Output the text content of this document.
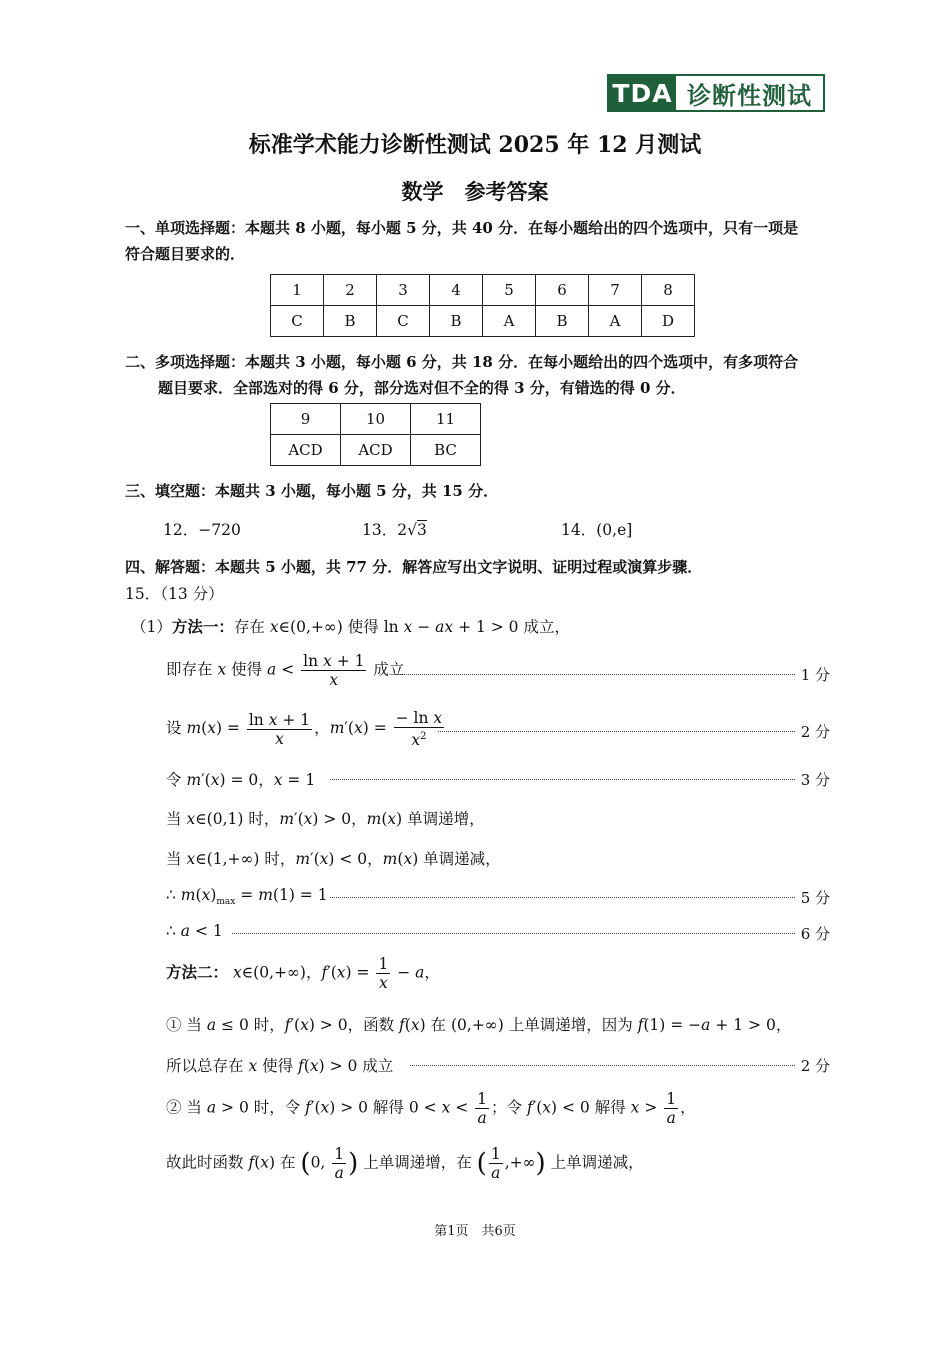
TDA 诊断性测试
标准学术能力诊断性测试 2025 年 12 月测试
数学　参考答案
一、单项选择题：本题共 8 小题，每小题 5 分，共 40 分．在每小题给出的四个选项中，只有一项是
符合题目要求的．
1	2	3	4	5	6	7	8
C	B	C	B	A	B	A	D
二、多项选择题：本题共 3 小题，每小题 6 分，共 18 分．在每小题给出的四个选项中，有多项符合
题目要求．全部选对的得 6 分，部分选对但不全的得 3 分，有错选的得 0 分．
9	10	11
ACD	ACD	BC
三、填空题：本题共 3 小题，每小题 5 分，共 15 分．
12．−720	13．2√3	14．(0,e]
四、解答题：本题共 5 小题，共 77 分．解答应写出文字说明、证明过程或演算步骤．
15．（13 分）
（1）方法一：存在 x∈(0,+∞) 使得 ln x − ax + 1 > 0 成立，
即存在 x 使得 $a < \frac{\text{ln x + 1}}{x}$ 成立	1 分
设 $m(x) = \frac{\text{ln x + 1}}{x}$ ，$m'(x) = \frac{\text{− ln x}}{x^2}$	2 分
令 m′(x) = 0，x = 1	3 分
当 x∈(0,1) 时，m′(x) > 0，m(x) 单调递增，
当 x∈(1,+∞) 时，m′(x) < 0，m(x) 单调递减，
∴ $m(x)_{max} = m(1) = 1$	5 分
∴ a < 1	6 分
方法二： x∈(0,+∞)，$f'(x) = \frac{1}{x} - a$，
① 当 a ≤ 0 时，f′(x) > 0，函数 f(x) 在 (0,+∞) 上单调递增，因为 f(1) = −a + 1 > 0，
所以总存在 x 使得 f(x) > 0 成立	2 分
② 当 a > 0 时，令 f′(x) > 0 解得 $0 < x < \frac{1}{a}$ ；令 f′(x) < 0 解得 $x > \frac{1}{a}$ ，
故此时函数 f(x) 在 (0, $\frac{1}{a}$ ) 上单调递增，在 ( $\frac{1}{a}$ ,+∞) 上单调递减，
第1页　共6页
